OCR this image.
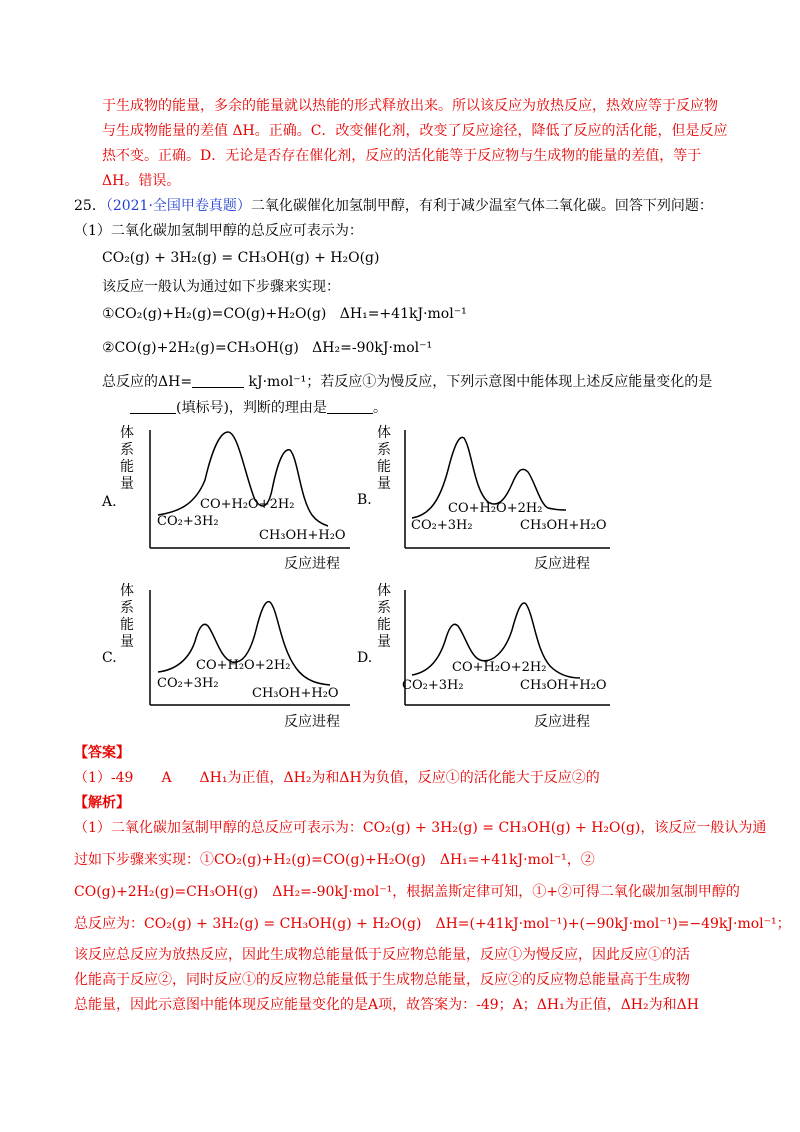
于生成物的能量，多余的能量就以热能的形式释放出来。所以该反应为放热反应，热效应等于反应物
与生成物能量的差值 ΔH。正确。C．改变催化剂，改变了反应途径，降低了反应的活化能，但是反应
热不变。正确。D．无论是否存在催化剂，反应的活化能等于反应物与生成物的能量的差值，等于
ΔH。错误。
25．（2021·全国甲卷真题）二氧化碳催化加氢制甲醇，有利于减少温室气体二氧化碳。回答下列问题：
（1）二氧化碳加氢制甲醇的总反应可表示为：
CO₂(g) + 3H₂(g) = CH₃OH(g) + H₂O(g)
该反应一般认为通过如下步骤来实现：
①CO₂(g)+H₂(g)=CO(g)+H₂O(g) ΔH₁=+41kJ·mol⁻¹
②CO(g)+2H₂(g)=CH₃OH(g) ΔH₂=-90kJ·mol⁻¹
总反应的ΔH=	kJ·mol⁻¹；若反应①为慢反应，下列示意图中能体现上述反应能量变化的是
(填标号)，判断的理由是	。
体
系
能
量
A.	CO+H₂O+2H₂
CO₂+3H₂
CH₃OH+H₂O
反应进程
体
系
能
量
B.
CO+H₂O+2H₂
CO₂+3H₂	CH₃OH+H₂O
反应进程
体
系
能
量
C.	CO+H₂O+2H₂
CO₂+3H₂
CH₃OH+H₂O
反应进程
体
系
能
量
D.
CO+H₂O+2H₂
CO₂+3H₂	CH₃OH+H₂O
反应进程
【答案】
（1）-49　　A　　ΔH₁为正值，ΔH₂为和ΔH为负值，反应①的活化能大于反应②的
【解析】
（1）二氧化碳加氢制甲醇的总反应可表示为：CO₂(g) + 3H₂(g) = CH₃OH(g) + H₂O(g)，该反应一般认为通
过如下步骤来实现：①CO₂(g)+H₂(g)=CO(g)+H₂O(g)　ΔH₁=+41kJ·mol⁻¹，②
CO(g)+2H₂(g)=CH₃OH(g)　ΔH₂=-90kJ·mol⁻¹，根据盖斯定律可知，①+②可得二氧化碳加氢制甲醇的
总反应为：CO₂(g) + 3H₂(g) = CH₃OH(g) + H₂O(g)　ΔH=(+41kJ·mol⁻¹)+(−90kJ·mol⁻¹)=−49kJ·mol⁻¹；
该反应总反应为放热反应，因此生成物总能量低于反应物总能量，反应①为慢反应，因此反应①的活
化能高于反应②，同时反应①的反应物总能量低于生成物总能量，反应②的反应物总能量高于生成物
总能量，因此示意图中能体现反应能量变化的是A项，故答案为：-49；A；ΔH₁为正值，ΔH₂为和ΔH
